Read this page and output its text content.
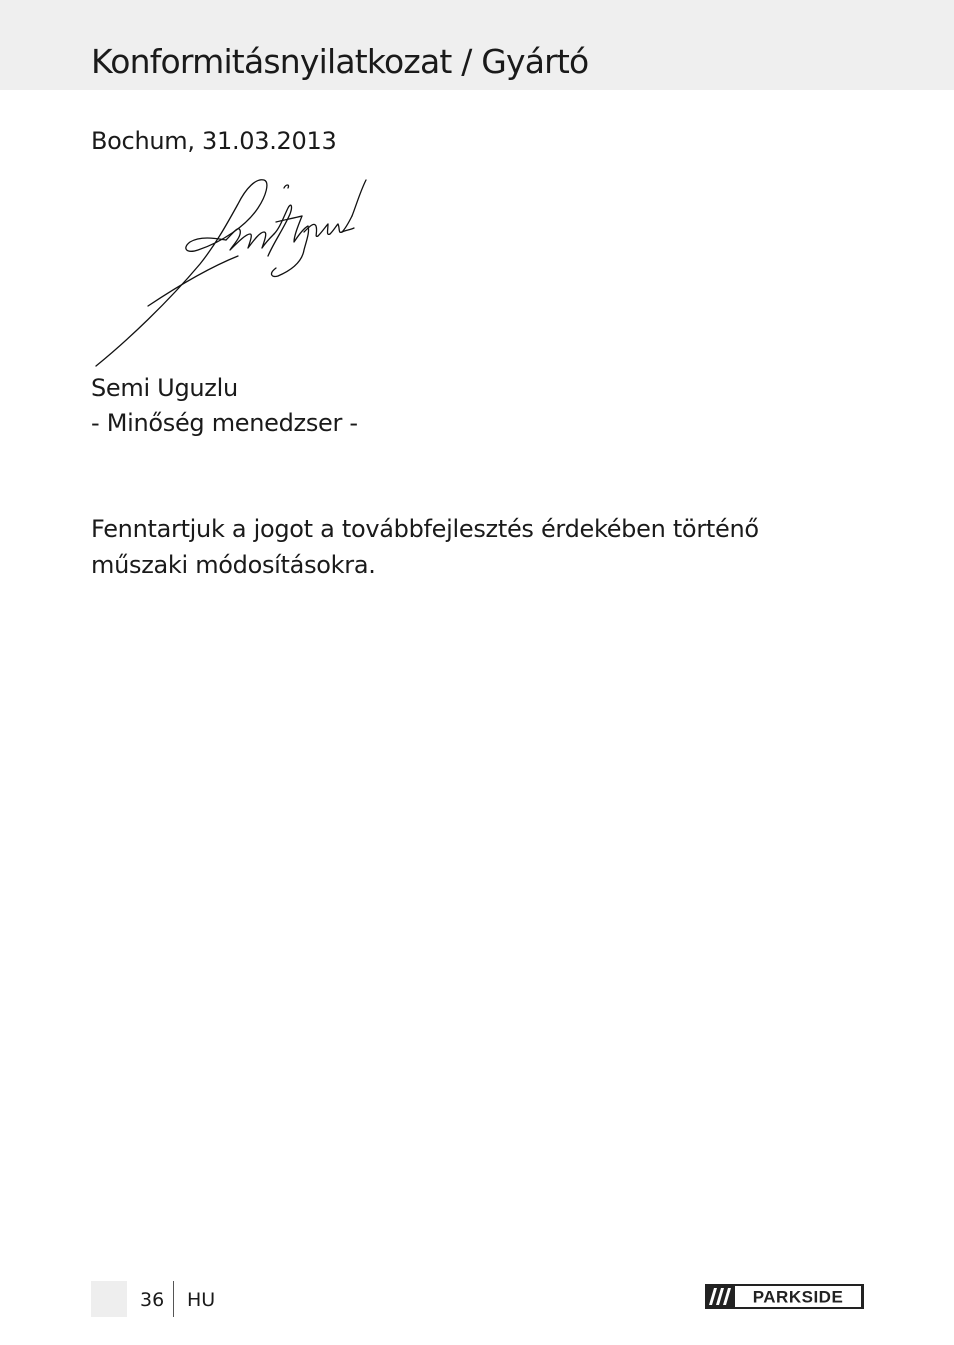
Konformitásnyilatkozat / Gyártó
Bochum, 31.03.2013
Semi Uguzlu
- Minőség menedzser -
Fenntartjuk a jogot a továbbfejlesztés érdekében történő műszaki módosításokra.
36 HU	PARKSIDE
